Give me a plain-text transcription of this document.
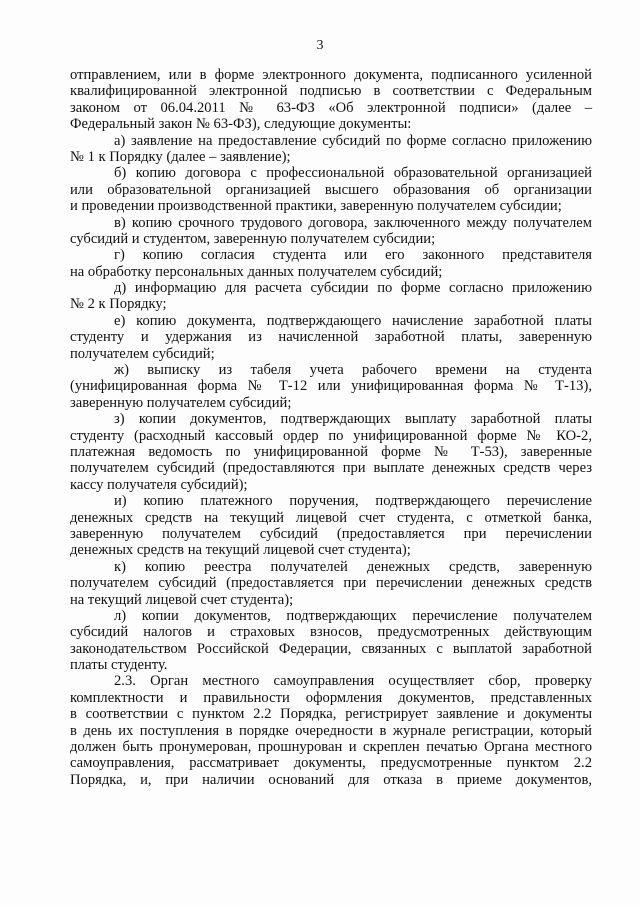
3
отправлением, или в форме электронного документа, подписанного усиленной
квалифицированной электронной подписью в соответствии с Федеральным
законом от 06.04.2011 № 63-ФЗ «Об электронной подписи» (далее –
Федеральный закон № 63-ФЗ), следующие документы:
а) заявление на предоставление субсидий по форме согласно приложению
№ 1 к Порядку (далее – заявление);
б) копию договора с профессиональной образовательной организацией
или образовательной организацией высшего образования об организации
и проведении производственной практики, заверенную получателем субсидии;
в) копию срочного трудового договора, заключенного между получателем
субсидий и студентом, заверенную получателем субсидии;
г) копию согласия студента или его законного представителя
на обработку персональных данных получателем субсидий;
д) информацию для расчета субсидии по форме согласно приложению
№ 2 к Порядку;
е) копию документа, подтверждающего начисление заработной платы
студенту и удержания из начисленной заработной платы, заверенную
получателем субсидий;
ж) выписку из табеля учета рабочего времени на студента
(унифицированная форма № Т-12 или унифицированная форма № Т-13),
заверенную получателем субсидий;
з) копии документов, подтверждающих выплату заработной платы
студенту (расходный кассовый ордер по унифицированной форме № КО-2,
платежная ведомость по унифицированной форме № Т-53), заверенные
получателем субсидий (предоставляются при выплате денежных средств через
кассу получателя субсидий);
и) копию платежного поручения, подтверждающего перечисление
денежных средств на текущий лицевой счет студента, с отметкой банка,
заверенную получателем субсидий (предоставляется при перечислении
денежных средств на текущий лицевой счет студента);
к) копию реестра получателей денежных средств, заверенную
получателем субсидий (предоставляется при перечислении денежных средств
на текущий лицевой счет студента);
л) копии документов, подтверждающих перечисление получателем
субсидий налогов и страховых взносов, предусмотренных действующим
законодательством Российской Федерации, связанных с выплатой заработной
платы студенту.
2.3. Орган местного самоуправления осуществляет сбор, проверку
комплектности и правильности оформления документов, представленных
в соответствии с пунктом 2.2 Порядка, регистрирует заявление и документы
в день их поступления в порядке очередности в журнале регистрации, который
должен быть пронумерован, прошнурован и скреплен печатью Органа местного
самоуправления, рассматривает документы, предусмотренные пунктом 2.2
Порядка, и, при наличии оснований для отказа в приеме документов,
